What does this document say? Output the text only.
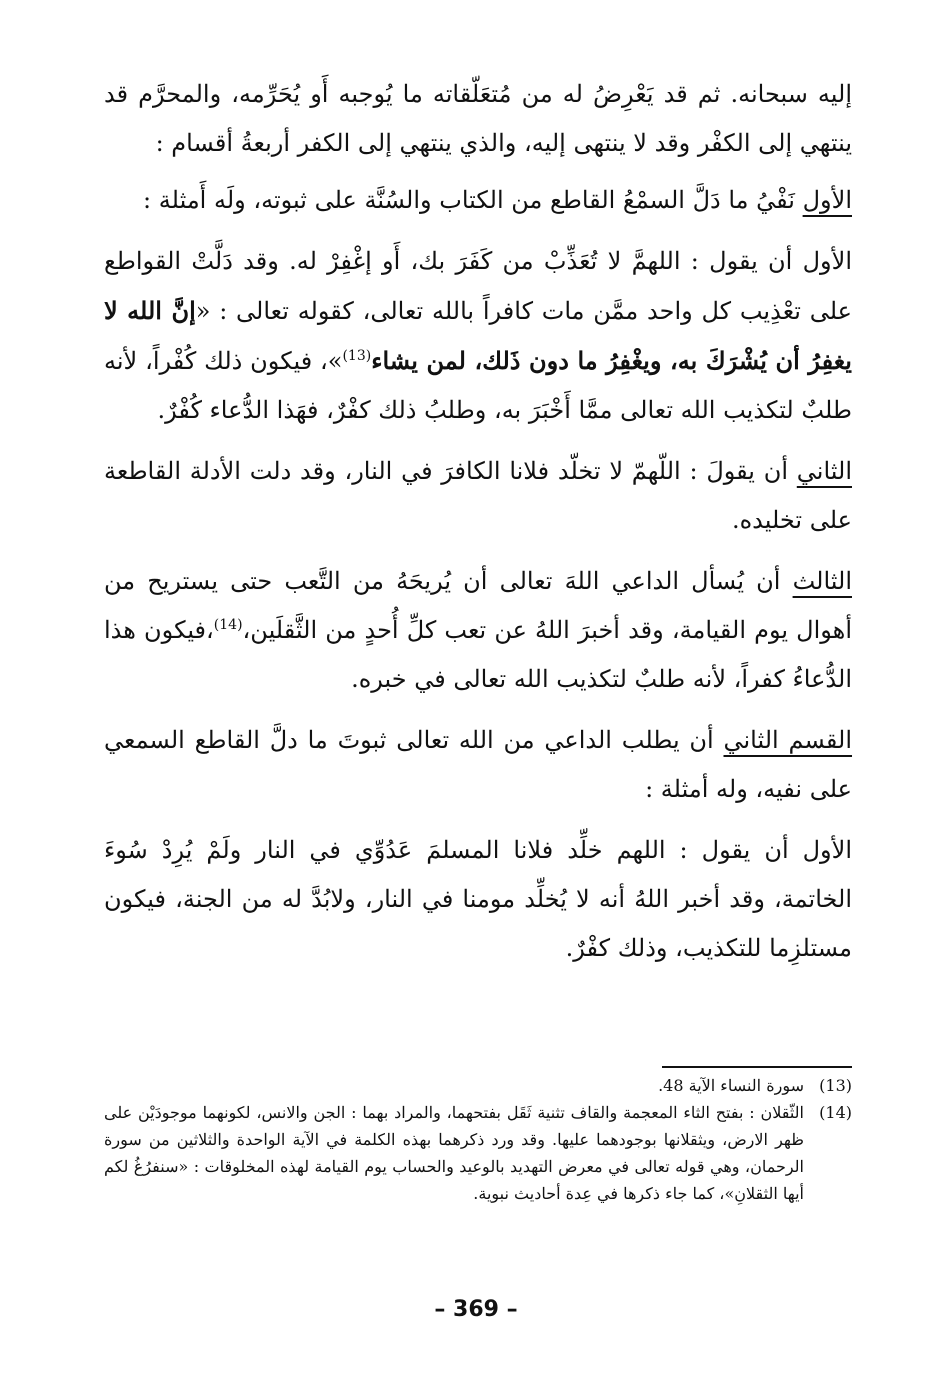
إليه سبحانه. ثم قد يَعْرِضُ له من مُتعَلّقاته ما يُوجبه أَو يُحَرِّمه، والمحرَّم قد ينتهي إلى الكفْر وقد لا ينتهى إليه، والذي ينتهي إلى الكفر أربعةُ أقسام :

الأول نَفْيُ ما دَلَّ السمْعُ القاطع من الكتاب والسُنَّة على ثبوته، ولَه أَمثلة :

الأول أن يقول : اللهمَّ لا تُعَذِّبْ من كَفَرَ بك، أَو إغْفِرْ له. وقد دَلَّتْ القواطع على تعْذِيب كل واحد ممَّن مات كافراً بالله تعالى، كقوله تعالى : «إنَّ الله لا يغفِرُ أن يُشْرَكَ به، ويغْفِرُ ما دون ذَلك، لمن يشاء$^{(13)}$»، فيكون ذلك كُفْراً، لأنه طلبٌ لتكذيب الله تعالى ممَّا أَخْبَرَ به، وطلبُ ذلك كفْرٌ، فهَذا الدُّعاء كُفْرٌ.

الثاني أن يقولَ : اللّهمّ لا تخلّد فلانا الكافرَ في النار، وقد دلت الأدلة القاطعة على تخليده.

الثالث أن يُسأل الداعي اللهَ تعالى أن يُريحَهُ من التَّعب حتى يستريح من أهوال يوم القيامة، وقد أخبرَ اللهُ عن تعب كلِّ أُحدٍ من الثَّقلَين،$^{(14)}$،فيكون هذا الدُّعاءُ كفراً، لأنه طلبٌ لتكذيب الله تعالى في خبره.

القسم الثاني أن يطلب الداعي من الله تعالى ثبوتَ ما دلَّ القاطع السمعي على نفيه، وله أمثلة :

الأول أن يقول : اللهم خلِّد فلانا المسلمَ عَدُوِّي في النار ولَمْ يُرِدْ سُوءَ الخاتمة، وقد أخبر اللهُ أنه لا يُخلِّد مومنا في النار، ولابُدَّ له من الجنة، فيكون مستلزِما للتكذيب، وذلك كفْرٌ.

(13)
سورة النساء الآية 48.

(14)
الثّقلان : بفتح الثاء المعجمة والقاف تثنية ثَقَل بفتحهما، والمراد بهما : الجن والانس، لكونهما موجودَيْن على ظهر الارض، ويثقلانها بوجودهما عليها. وقد ورد ذكرهما بهذه الكلمة في الآية الواحدة والثلاثين من سورة الرحمان، وهي قوله تعالى في معرض التهديد بالوعيد والحساب يوم القيامة لهذه المخلوقات : «سنفرُغُ لكم أيها الثقلانِ»، كما جاء ذكرها في عِدة أحاديث نبوية.

– 369 –
